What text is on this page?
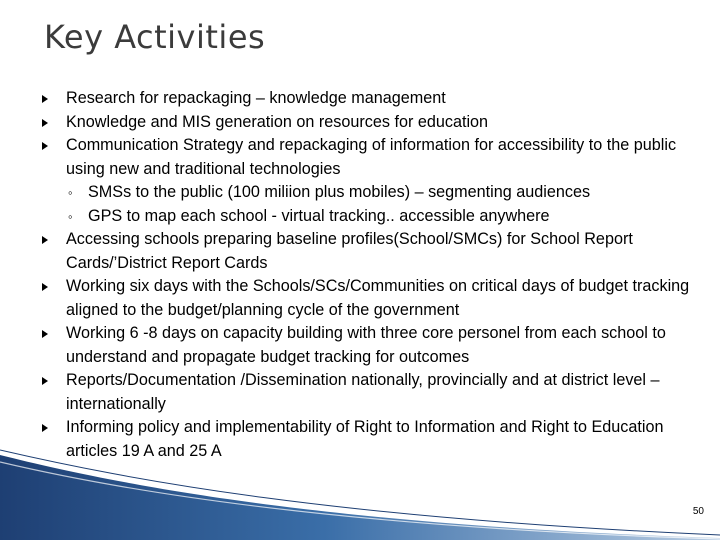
Key Activities
Research for repackaging – knowledge management
Knowledge and MIS generation on resources for education
Communication Strategy and repackaging of information for accessibility to the public using new and traditional technologies
◦ SMSs to the public (100 miliion plus mobiles) – segmenting audiences
◦ GPS to map each school - virtual tracking.. accessible anywhere
Accessing schools preparing baseline profiles(School/SMCs) for School Report Cards/’District Report Cards
Working six days with the Schools/SCs/Communities on critical days of budget tracking aligned to the budget/planning cycle of the government
Working 6 -8 days on capacity building with three core personel from each school to understand and propagate budget tracking for outcomes
Reports/Documentation /Dissemination nationally, provincially and at district level – internationally
Informing policy and implementability of Right to Information and Right to Education articles 19 A and 25 A
50
